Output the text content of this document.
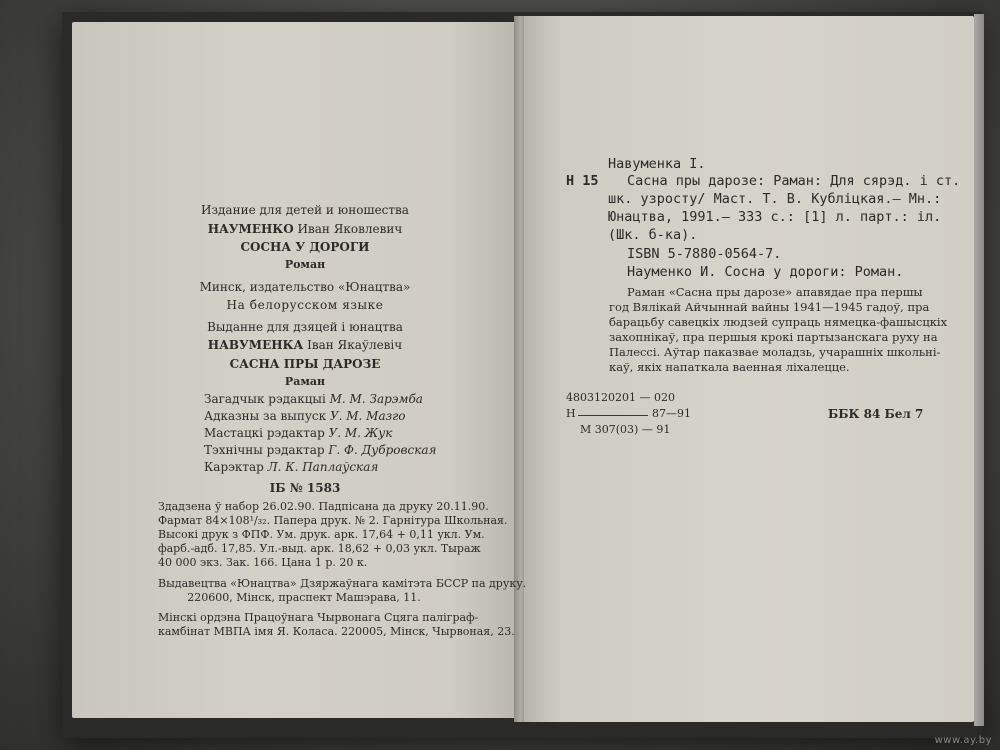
Издание для детей и юношества
НАУМЕНКО Иван Яковлевич
СОСНА У ДОРОГИ
Роман
Минск, издательство «Юнацтва»
На белорусском языке
Выданне для дзяцей і юнацтва
НАВУМЕНКА Іван Якаўлевіч
САСНА ПРЫ ДАРОЗЕ
Раман
Загадчык рэдакцыі М. М. Зарэмба
Адказны за выпуск У. М. Мазго
Мастацкі рэдактар У. М. Жук
Тэхнічны рэдактар Г. Ф. Дубровская
Карэктар Л. К. Паплаўская
ІБ № 1583
Здадзена ў набор 26.02.90. Падпісана да друку 20.11.90.
Фармат 84×108¹/₃₂. Папера друк. № 2. Гарнітура Школьная.
Высокі друк з ФПФ. Ум. друк. арк. 17,64 + 0,11 укл. Ум.
фарб.-адб. 17,85. Ул.-выд. арк. 18,62 + 0,03 укл. Тыраж
40 000 экз. Зак. 166. Цана 1 р. 20 к.
Выдавецтва «Юнацтва» Дзяржаўнага камітэта БССР па друку.
220600, Мінск, праспект Машэрава, 11.
Мінскі ордэна Працоўнага Чырвонага Сцяга паліграф-
камбінат МВПА імя Я. Коласа. 220005, Мінск, Чырвоная, 23.
Навуменка І.
Н 15 Сасна пры дарозе: Раман: Для сярэд. і ст.
шк. узросту/ Маст. Т. В. Кубліцкая.— Мн.:
Юнацтва, 1991.— 333 с.: [1] л. парт.: іл.
(Шк. б-ка).
ISBN 5-7880-0564-7.
Науменко И. Сосна у дороги: Роман.
Раман «Сасна пры дарозе» апавядае пра першы
год Вялікай Айчыннай вайны 1941—1945 гадоў, пра
барацьбу савецкіх людзей супраць нямецка-фашысцкіх
захопнікаў, пра першыя крокі партызанскага руху на
Палессі. Аўтар паказвае моладзь, учарашніх школьні-
каў, якіх напаткала ваенная ліхалецце.
4803120201 — 020
Н	87—91
М 307(03) — 91
ББК 84 Бел 7
www.ay.by
